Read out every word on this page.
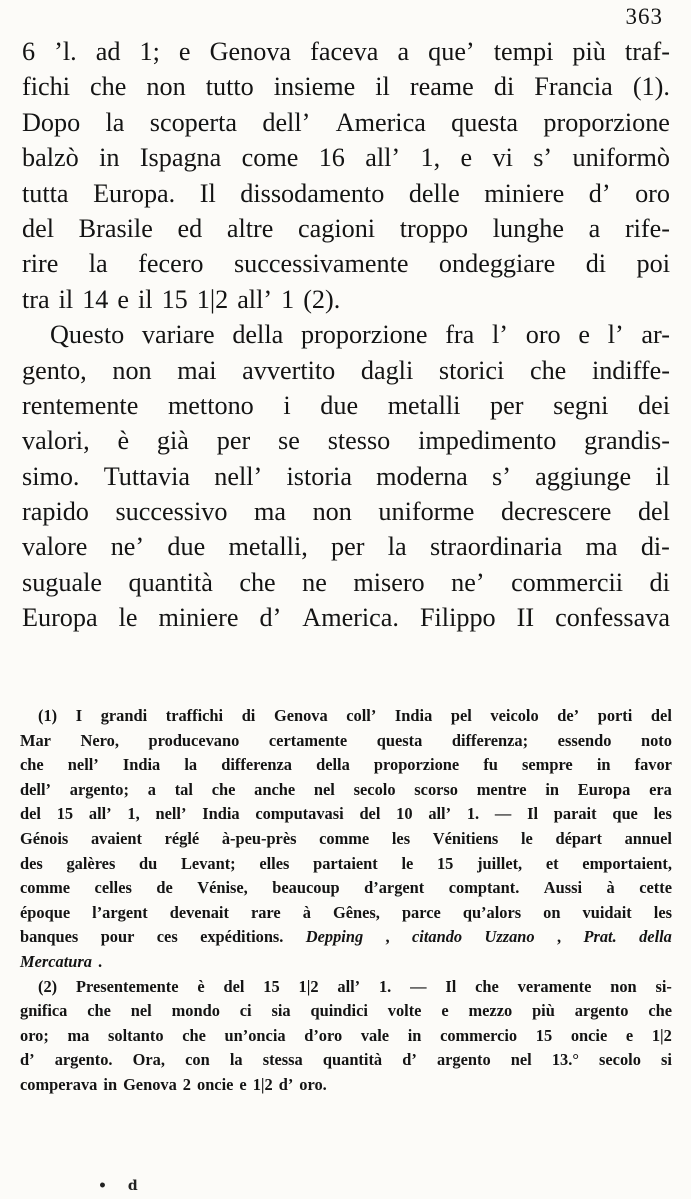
363
6 ’l. ad 1; e Genova faceva a que’ tempi più traf-
fichi che non tutto insieme il reame di Francia (1).
Dopo la scoperta dell’ America questa proporzione
balzò in Ispagna come 16 all’ 1, e vi s’ uniformò
tutta Europa. Il dissodamento delle miniere d’ oro
del Brasile ed altre cagioni troppo lunghe a rife-
rire la fecero successivamente ondeggiare di poi
tra il 14 e il 15 1|2 all’ 1 (2).
Questo variare della proporzione fra l’ oro e l’ ar-
gento, non mai avvertito dagli storici che indiffe-
rentemente mettono i due metalli per segni dei
valori, è già per se stesso impedimento grandis-
simo. Tuttavia nell’ istoria moderna s’ aggiunge il
rapido successivo ma non uniforme decrescere del
valore ne’ due metalli, per la straordinaria ma di-
suguale quantità che ne misero ne’ commercii di
Europa le miniere d’ America. Filippo II confessava
(1) I grandi traffichi di Genova coll’ India pel veicolo de’ porti del
Mar Nero, producevano certamente questa differenza; essendo noto
che nell’ India la differenza della proporzione fu sempre in favor
dell’ argento; a tal che anche nel secolo scorso mentre in Europa era
del 15 all’ 1, nell’ India computavasi del 10 all’ 1. — Il parait que les
Génois avaient réglé à-peu-près comme les Vénitiens le départ annuel
des galères du Levant; elles partaient le 15 juillet, et emportaient,
comme celles de Vénise, beaucoup d’argent comptant. Aussi à cette
époque l’argent devenait rare à Gênes, parce qu’alors on vuidait les
banques pour ces expéditions. Depping , citando Uzzano , Prat. della
Mercatura .
(2) Presentemente è del 15 1|2 all’ 1. — Il che veramente non si-
gnifica che nel mondo ci sia quindici volte e mezzo più argento che
oro; ma soltanto che un’oncia d’oro vale in commercio 15 oncie e 1|2
d’ argento. Ora, con la stessa quantità d’ argento nel 13.° secolo si
comperava in Genova 2 oncie e 1|2 d’ oro.
• d
